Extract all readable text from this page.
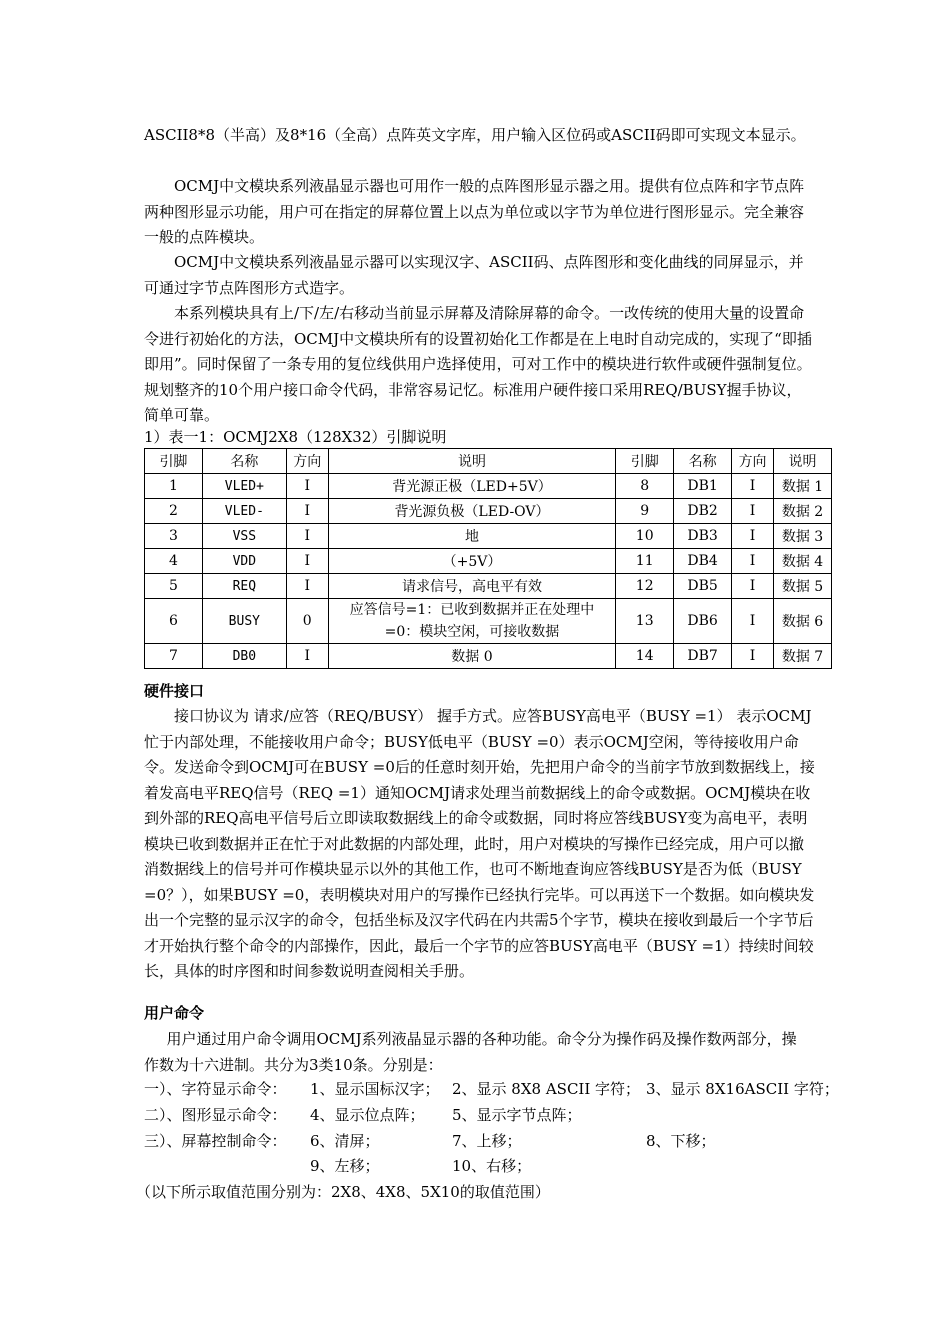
ASCII8*8（半高）及8*16（全高）点阵英文字库，用户输入区位码或ASCII码即可实现文本显示。

OCMJ中文模块系列液晶显示器也可用作一般的点阵图形显示器之用。提供有位点阵和字节点阵两种图形显示功能，用户可在指定的屏幕位置上以点为单位或以字节为单位进行图形显示。完全兼容一般的点阵模块。

OCMJ中文模块系列液晶显示器可以实现汉字、ASCII码、点阵图形和变化曲线的同屏显示，并可通过字节点阵图形方式造字。

本系列模块具有上/下/左/右移动当前显示屏幕及清除屏幕的命令。一改传统的使用大量的设置命令进行初始化的方法，OCMJ中文模块所有的设置初始化工作都是在上电时自动完成的，实现了“即插即用”。同时保留了一条专用的复位线供用户选择使用，可对工作中的模块进行软件或硬件强制复位。规划整齐的10个用户接口命令代码，非常容易记忆。标准用户硬件接口采用REQ/BUSY握手协议，简单可靠。

1）表一1：OCMJ2X8（128X32）引脚说明
引脚	名称	方向	说明	引脚	名称	方向	说明
1	VLED+	I	背光源正极（LED+5V）	8	DB1	I	数据 1
2	VLED-	I	背光源负极（LED-OV）	9	DB2	I	数据 2
3	VSS	I	地	10	DB3	I	数据 3
4	VDD	I	（+5V）	11	DB4	I	数据 4
5	REQ	I	请求信号，高电平有效	12	DB5	I	数据 5
6	BUSY	0	应答信号=1：已收到数据并正在处理中
=0：模块空闲，可接收数据	13	DB6	I	数据 6
7	DB0	I	数据 0	14	DB7	I	数据 7
硬件接口

接口协议为 请求/应答（REQ/BUSY） 握手方式。应答BUSY高电平（BUSY =1） 表示OCMJ忙于内部处理，不能接收用户命令；BUSY低电平（BUSY =0）表示OCMJ空闲，等待接收用户命令。发送命令到OCMJ可在BUSY =0后的任意时刻开始，先把用户命令的当前字节放到数据线上，接着发高电平REQ信号（REQ =1）通知OCMJ请求处理当前数据线上的命令或数据。OCMJ模块在收到外部的REQ高电平信号后立即读取数据线上的命令或数据，同时将应答线BUSY变为高电平，表明模块已收到数据并正在忙于对此数据的内部处理，此时，用户对模块的写操作已经完成，用户可以撤消数据线上的信号并可作模块显示以外的其他工作，也可不断地查询应答线BUSY是否为低（BUSY =0？），如果BUSY =0，表明模块对用户的写操作已经执行完毕。可以再送下一个数据。如向模块发出一个完整的显示汉字的命令，包括坐标及汉字代码在内共需5个字节，模块在接收到最后一个字节后才开始执行整个命令的内部操作，因此，最后一个字节的应答BUSY高电平（BUSY =1）持续时间较长，具体的时序图和时间参数说明查阅相关手册。

用户命令

用户通过用户命令调用OCMJ系列液晶显示器的各种功能。命令分为操作码及操作数两部分，操作数为十六进制。共分为3类10条。分别是：

一）、字符显示命令： 1、显示国标汉字； 2、显示 8X8 ASCII 字符； 3、显示 8X16ASCII 字符；
二）、图形显示命令： 4、显示位点阵； 5、显示字节点阵；
三）、屏幕控制命令： 6、清屏；	7、上移；	8、下移；
9、左移；	10、右移；
（以下所示取值范围分别为：2X8、4X8、5X10的取值范围）
